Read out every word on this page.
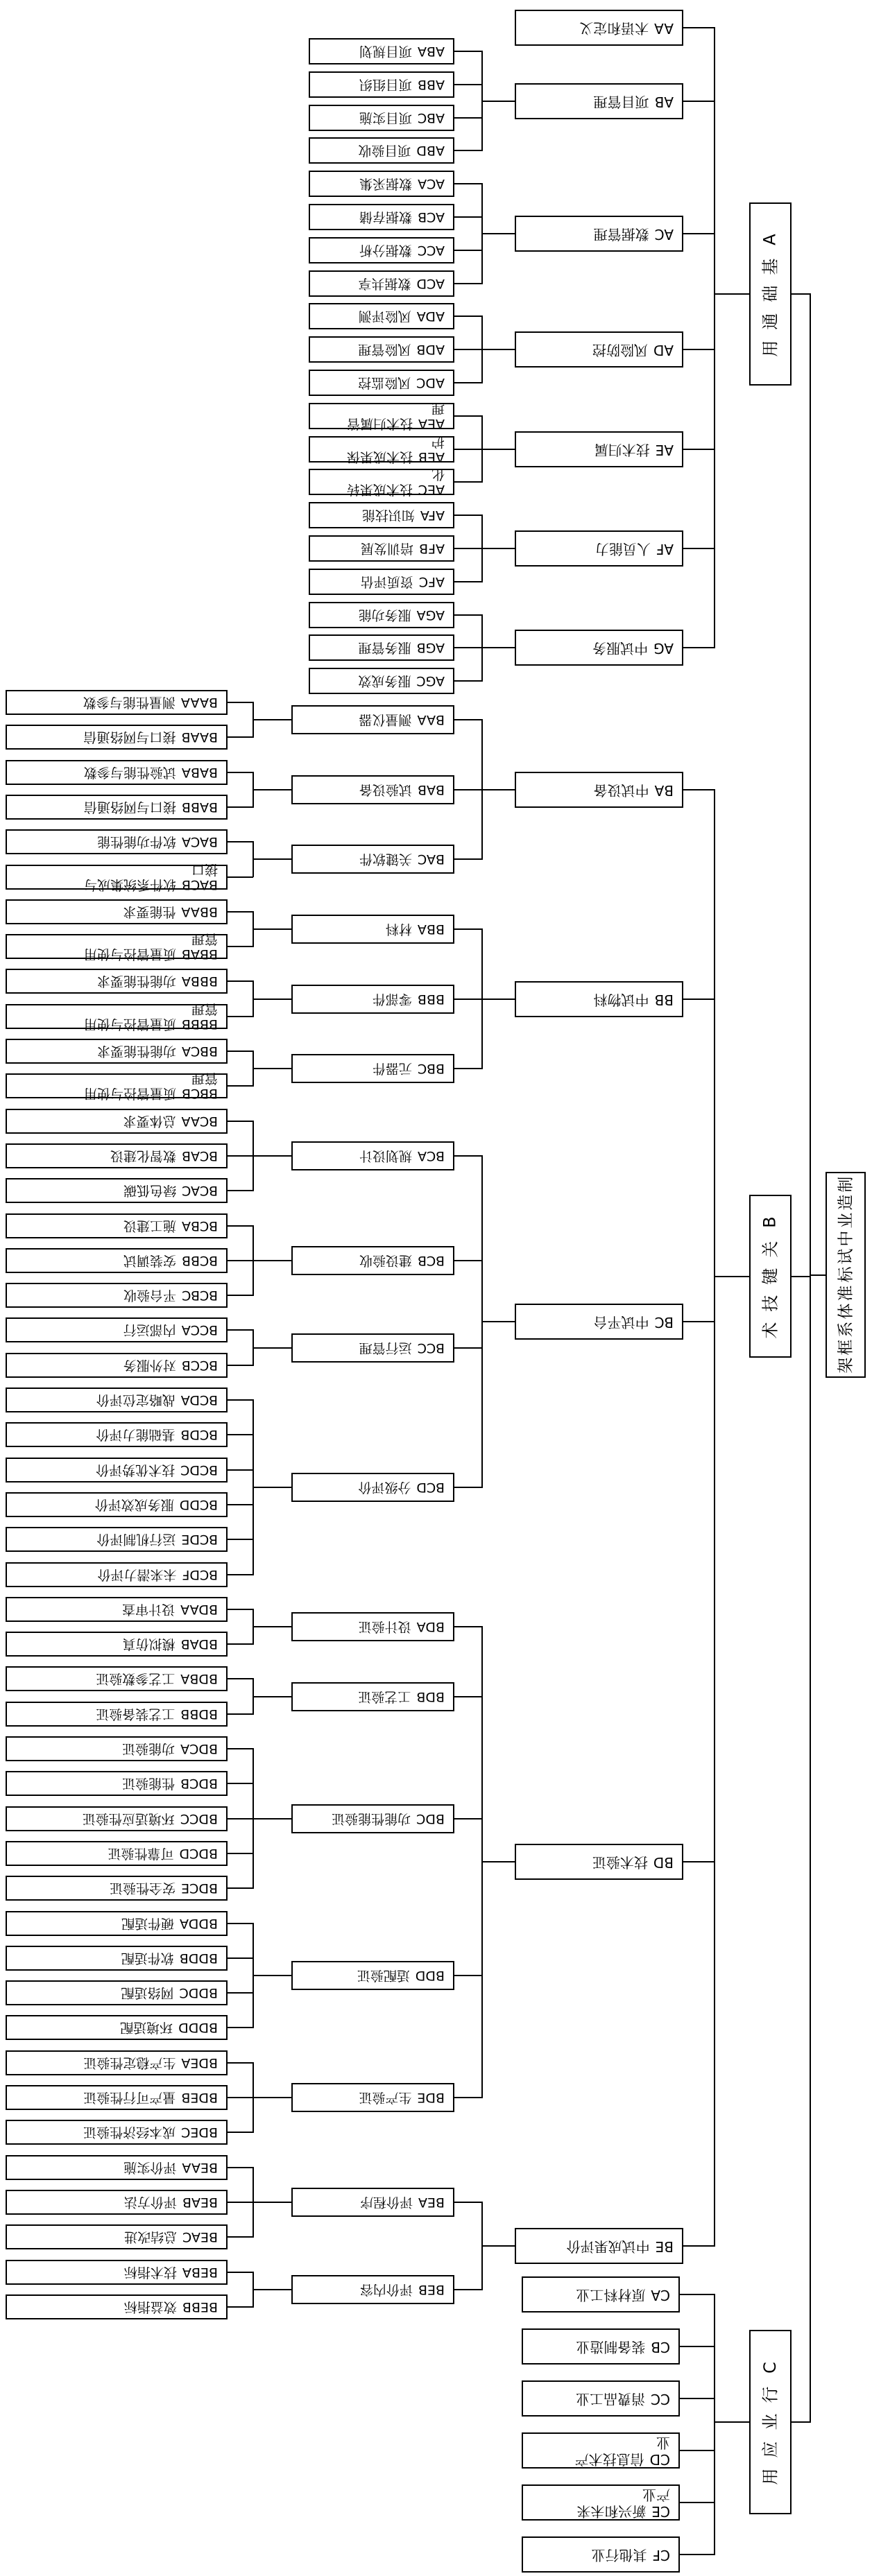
AA术语和定义
ABA项目规划
ABB项目组织
ABC项目实施
ABD项目验收
AB项目管理
ACA数据采集
ACB数据存储
ACC数据分析
ACD数据共享
AC数据管理
ADA风险评测
ADB风险管理
ADC风险监控
AD风险防控
AEA技术归属管理
AEB技术成果保护
AEC技术成果转化
AE技术归属
AFA知识技能
AFB培训发展
AFC资质评估
AF人员能力
AGA服务功能
AGB服务管理
AGC服务成效
AG中试服务
A
基
础
通
用
BAAA测量性能与参数
BAAB接口与网络通信
BAA测量仪器
BABA试验性能与参数
BABB接口与网络通信
BAB试验设备
BACA软件功能性能
BACB软件系统集成与接口
BAC关键软件
BA中试设备
BBAA性能要求
BBAB质量管控与使用管理
BBA材料
BBBA功能性能要求
BBBB质量管控与使用管理
BBB零部件
BBCA功能性能要求
BBCB质量管控与使用管理
BBC元器件
BB中试物料
BCAA总体要求
BCAB数智化建设
BCAC绿色低碳
BCA规划设计
BCBA施工建设
BCBB安装调试
BCBC平台验收
BCB建设验收
BCCA内部运行
BCCB对外服务
BCC运行管理
BCDA战略定位评价
BCDB基础能力评价
BCDC技术优势评价
BCDD服务成效评价
BCDE运行机制评价
BCDF未来潜力评价
BCD分级评价
BC中试平台
BDAA设计审查
BDAB模拟仿真
BDA设计验证
BDBA工艺参数验证
BDBB工艺装备验证
BDB工艺验证
BDCA功能验证
BDCB性能验证
BDCC环境适应性验证
BDCD可靠性验证
BDCE安全性验证
BDC功能性能验证
BDDA硬件适配
BDDB软件适配
BDDC网络适配
BDDD环境适配
BDD适配验证
BDEA生产稳定性验证
BDEB量产可行性验证
BDEC成本经济性验证
BDE生产验证
BD技术验证
BEAA评价实施
BEAB评价方法
BEAC总结改进
BEA评价程序
BEBA技术指标
BEBB效益指标
BEB评价内容
BE中试成果评价
B
关
键
技
术
CA原材料工业
CB装备制造业
CC消费品工业
CD信息技术产业
CE新兴和未来产业
CF其他行业
C
行
业
应
用
制
造
业
中
试
标
准
体
系
框
架
